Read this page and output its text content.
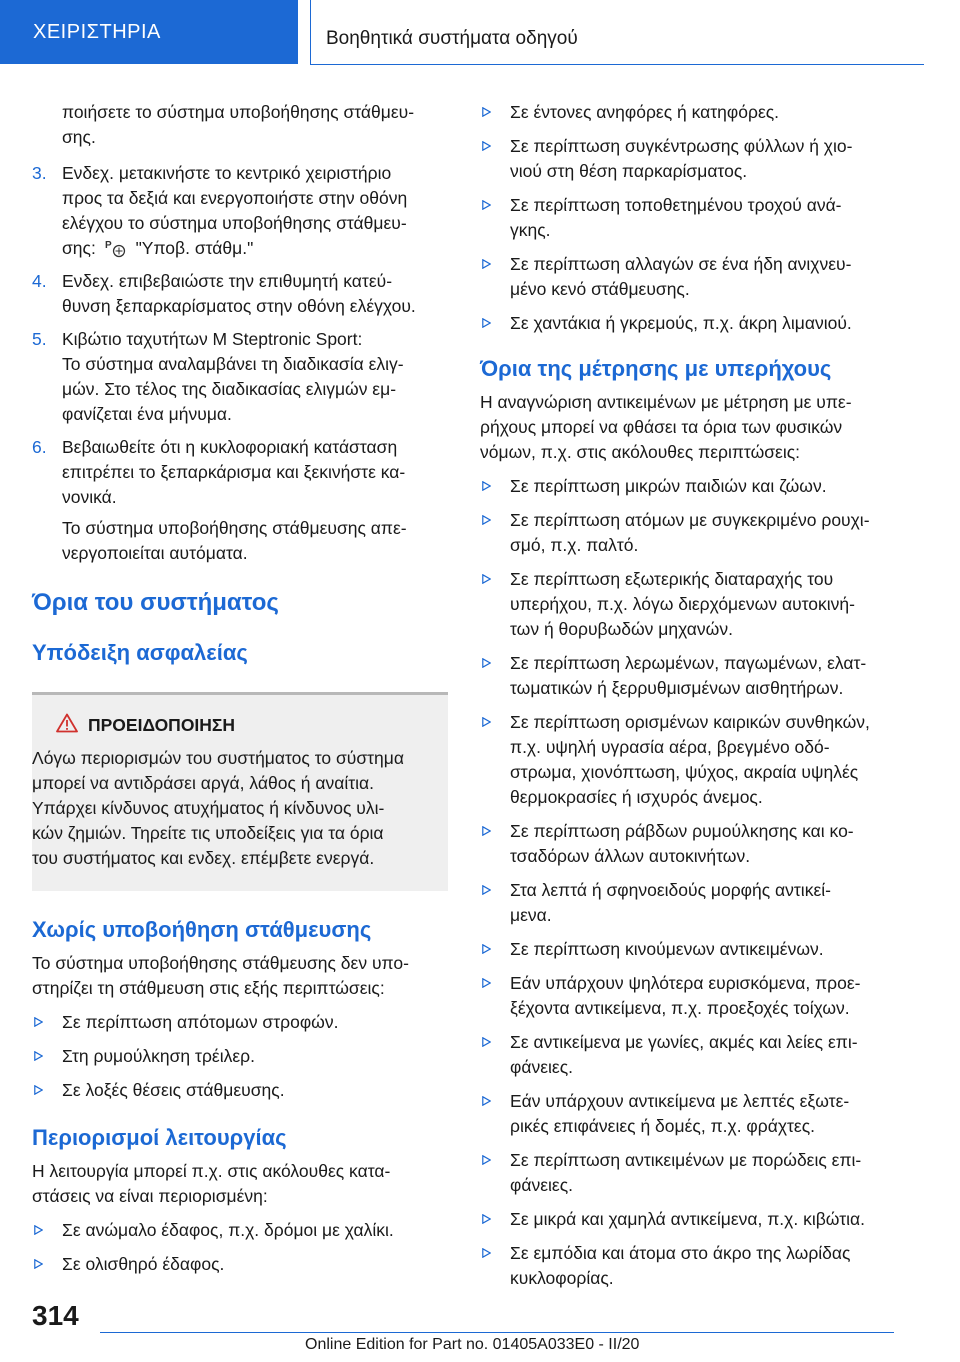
ΧΕΙΡΙΣΤΗΡΙΑ	Βοηθητικά συστήματα οδηγού
ποιήσετε το σύστημα υποβοήθησης στάθμευ-
σης.
3. Ενδεχ. μετακινήστε το κεντρικό χειριστήριο
προς τα δεξιά και ενεργοποιήστε στην οθόνη
ελέγχου το σύστημα υποβοήθησης στάθμευ-
σης: P "Υποβ. στάθμ."
4. Ενδεχ. επιβεβαιώστε την επιθυμητή κατεύ-
θυνση ξεπαρκαρίσματος στην οθόνη ελέγχου.
5. Κιβώτιο ταχυτήτων M Steptronic Sport:
Το σύστημα αναλαμβάνει τη διαδικασία ελιγ-
μών. Στο τέλος της διαδικασίας ελιγμών εμ-
φανίζεται ένα μήνυμα.
6. Βεβαιωθείτε ότι η κυκλοφοριακή κατάσταση
επιτρέπει το ξεπαρκάρισμα και ξεκινήστε κα-
νονικά.
Το σύστημα υποβοήθησης στάθμευσης απε-
νεργοποιείται αυτόματα.
Όρια του συστήματος
Υπόδειξη ασφαλείας
ΠΡΟΕΙΔΟΠΟΙΗΣΗ
Λόγω περιορισμών του συστήματος το σύστημα
μπορεί να αντιδράσει αργά, λάθος ή αναίτια.
Υπάρχει κίνδυνος ατυχήματος ή κίνδυνος υλι-
κών ζημιών. Τηρείτε τις υποδείξεις για τα όρια
του συστήματος και ενδεχ. επέμβετε ενεργά.
Χωρίς υποβοήθηση στάθμευσης
Το σύστημα υποβοήθησης στάθμευσης δεν υπο-
στηρίζει τη στάθμευση στις εξής περιπτώσεις:
Σε περίπτωση απότομων στροφών.
Στη ρυμούλκηση τρέιλερ.
Σε λοξές θέσεις στάθμευσης.
Περιορισμοί λειτουργίας
Η λειτουργία μπορεί π.χ. στις ακόλουθες κατα-
στάσεις να είναι περιορισμένη:
Σε ανώμαλο έδαφος, π.χ. δρόμοι με χαλίκι.
Σε ολισθηρό έδαφος.
Σε έντονες ανηφόρες ή κατηφόρες.
Σε περίπτωση συγκέντρωσης φύλλων ή χιο-
νιού στη θέση παρκαρίσματος.
Σε περίπτωση τοποθετημένου τροχού ανά-
γκης.
Σε περίπτωση αλλαγών σε ένα ήδη ανιχνευ-
μένο κενό στάθμευσης.
Σε χαντάκια ή γκρεμούς, π.χ. άκρη λιμανιού.
Όρια της μέτρησης με υπερήχους
Η αναγνώριση αντικειμένων με μέτρηση με υπε-
ρήχους μπορεί να φθάσει τα όρια των φυσικών
νόμων, π.χ. στις ακόλουθες περιπτώσεις:
Σε περίπτωση μικρών παιδιών και ζώων.
Σε περίπτωση ατόμων με συγκεκριμένο ρουχι-
σμό, π.χ. παλτό.
Σε περίπτωση εξωτερικής διαταραχής του
υπερήχου, π.χ. λόγω διερχόμενων αυτοκινή-
των ή θορυβωδών μηχανών.
Σε περίπτωση λερωμένων, παγωμένων, ελατ-
τωματικών ή ξερρυθμισμένων αισθητήρων.
Σε περίπτωση ορισμένων καιρικών συνθηκών,
π.χ. υψηλή υγρασία αέρα, βρεγμένο οδό-
στρωμα, χιονόπτωση, ψύχος, ακραία υψηλές
θερμοκρασίες ή ισχυρός άνεμος.
Σε περίπτωση ράβδων ρυμούλκησης και κο-
τσαδόρων άλλων αυτοκινήτων.
Στα λεπτά ή σφηνοειδούς μορφής αντικεί-
μενα.
Σε περίπτωση κινούμενων αντικειμένων.
Εάν υπάρχουν ψηλότερα ευρισκόμενα, προε-
ξέχοντα αντικείμενα, π.χ. προεξοχές τοίχων.
Σε αντικείμενα με γωνίες, ακμές και λείες επι-
φάνειες.
Εάν υπάρχουν αντικείμενα με λεπτές εξωτε-
ρικές επιφάνειες ή δομές, π.χ. φράχτες.
Σε περίπτωση αντικειμένων με πορώδεις επι-
φάνειες.
Σε μικρά και χαμηλά αντικείμενα, π.χ. κιβώτια.
Σε εμπόδια και άτομα στο άκρο της λωρίδας
κυκλοφορίας.
314
Online Edition for Part no. 01405A033E0 - II/20
